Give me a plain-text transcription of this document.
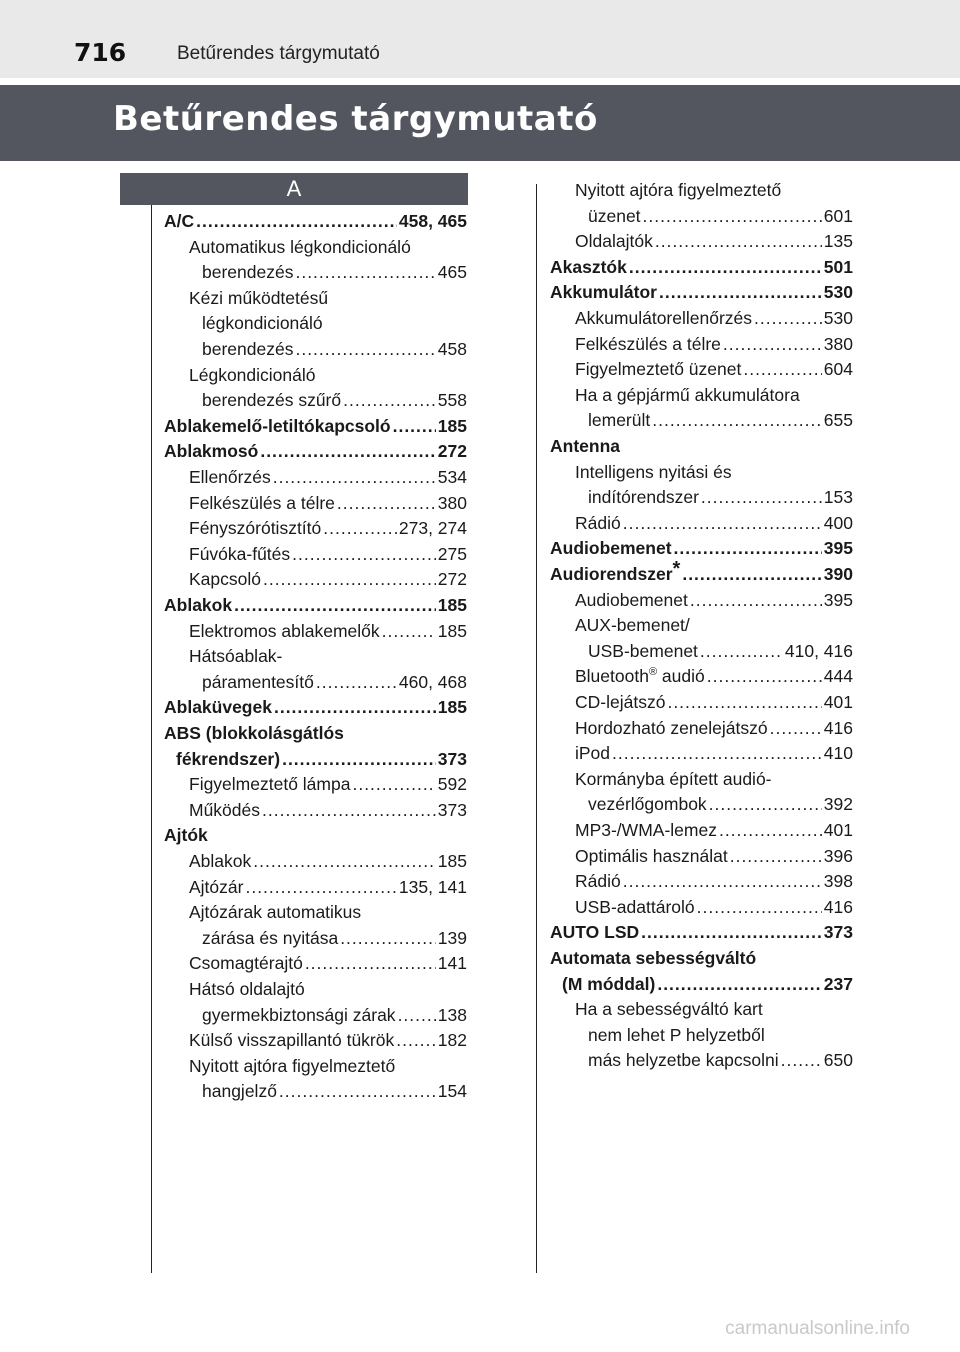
716	Betűrendes tárgymutató
Betűrendes tárgymutató
A
A/C .....	458, 465
Automatikus légkondicionáló
berendezés .....	465
Kézi működtetésű
légkondicionáló
berendezés .....	458
Légkondicionáló
berendezés szűrő .....	558
Ablakemelő-letiltókapcsoló .....	185
Ablakmosó .....	272
Ellenőrzés .....	534
Felkészülés a télre .....	380
Fényszórótisztító .....	273, 274
Fúvóka-fűtés .....	275
Kapcsoló .....	272
Ablakok .....	185
Elektromos ablakemelők .....	185
Hátsóablak-
páramentesítő .....	460, 468
Ablaküvegek .....	185
ABS (blokkolásgátlós
fékrendszer) .....	373
Figyelmeztető lámpa .....	592
Működés .....	373
Ajtók
Ablakok .....	185
Ajtózár .....	135, 141
Ajtózárak automatikus
zárása és nyitása .....	139
Csomagtérajtó .....	141
Hátsó oldalajtó
gyermekbiztonsági zárak ..... 138
Külső visszapillantó tükrök ..... 182
Nyitott ajtóra figyelmeztető
hangjelző .....	154
Nyitott ajtóra figyelmeztető
üzenet .....	601
Oldalajtók .....	135
Akasztók .....	501
Akkumulátor .....	530
Akkumulátorellenőrzés .....	530
Felkészülés a télre .....	380
Figyelmeztető üzenet .....	604
Ha a gépjármű akkumulátora
lemerült .....	655
Antenna
Intelligens nyitási és
indítórendszer .....	153
Rádió .....	400
Audiobemenet .....	395
Audiorendszer* .....	390
Audiobemenet .....	395
AUX-bemenet/
USB-bemenet .....	410, 416
Bluetooth® audió .....	444
CD-lejátszó .....	401
Hordozható zenelejátszó .....	416
iPod .....	410
Kormányba épített audió-
vezérlőgombok .....	392
MP3-/WMA-lemez .....	401
Optimális használat .....	396
Rádió .....	398
USB-adattároló .....	416
AUTO LSD .....	373
Automata sebességváltó
(M móddal) .....	237
Ha a sebességváltó kart
nem lehet P helyzetből
más helyzetbe kapcsolni .....	650
carmanualsonline.info
